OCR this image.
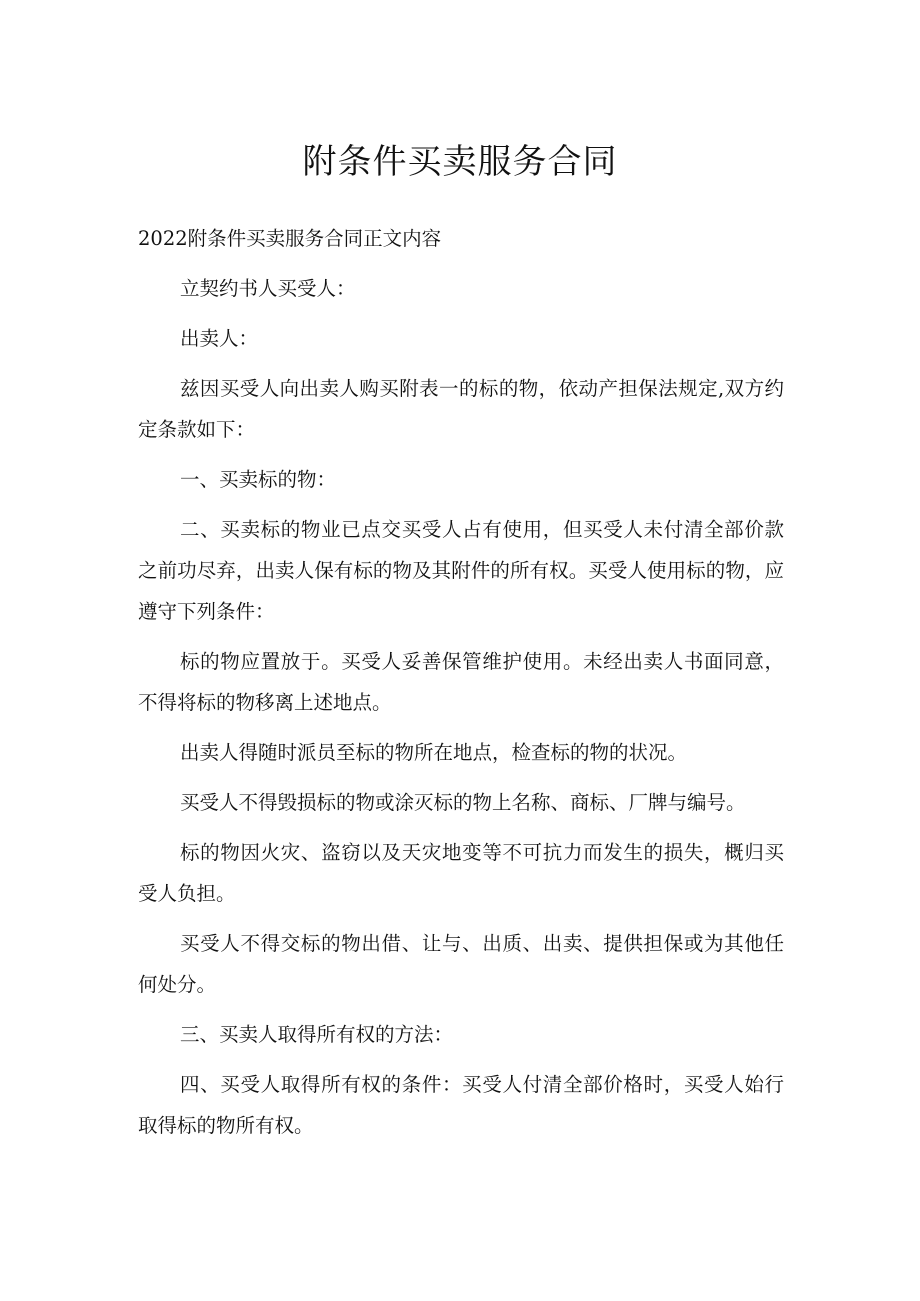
附条件买卖服务合同

2022附条件买卖服务合同正文内容

立契约书人买受人：

出卖人：

兹因买受人向出卖人购买附表一的标的物，依动产担保法规定,双方约定条款如下：

一、买卖标的物：

二、买卖标的物业已点交买受人占有使用，但买受人未付清全部价款之前功尽弃，出卖人保有标的物及其附件的所有权。买受人使用标的物，应遵守下列条件：

标的物应置放于。买受人妥善保管维护使用。未经出卖人书面同意，不得将标的物移离上述地点。

出卖人得随时派员至标的物所在地点，检查标的物的状况。

买受人不得毁损标的物或涂灭标的物上名称、商标、厂牌与编号。

标的物因火灾、盗窃以及天灾地变等不可抗力而发生的损失，概归买受人负担。

买受人不得交标的物出借、让与、出质、出卖、提供担保或为其他任何处分。

三、买卖人取得所有权的方法：

四、买受人取得所有权的条件：买受人付清全部价格时，买受人始行取得标的物所有权。
